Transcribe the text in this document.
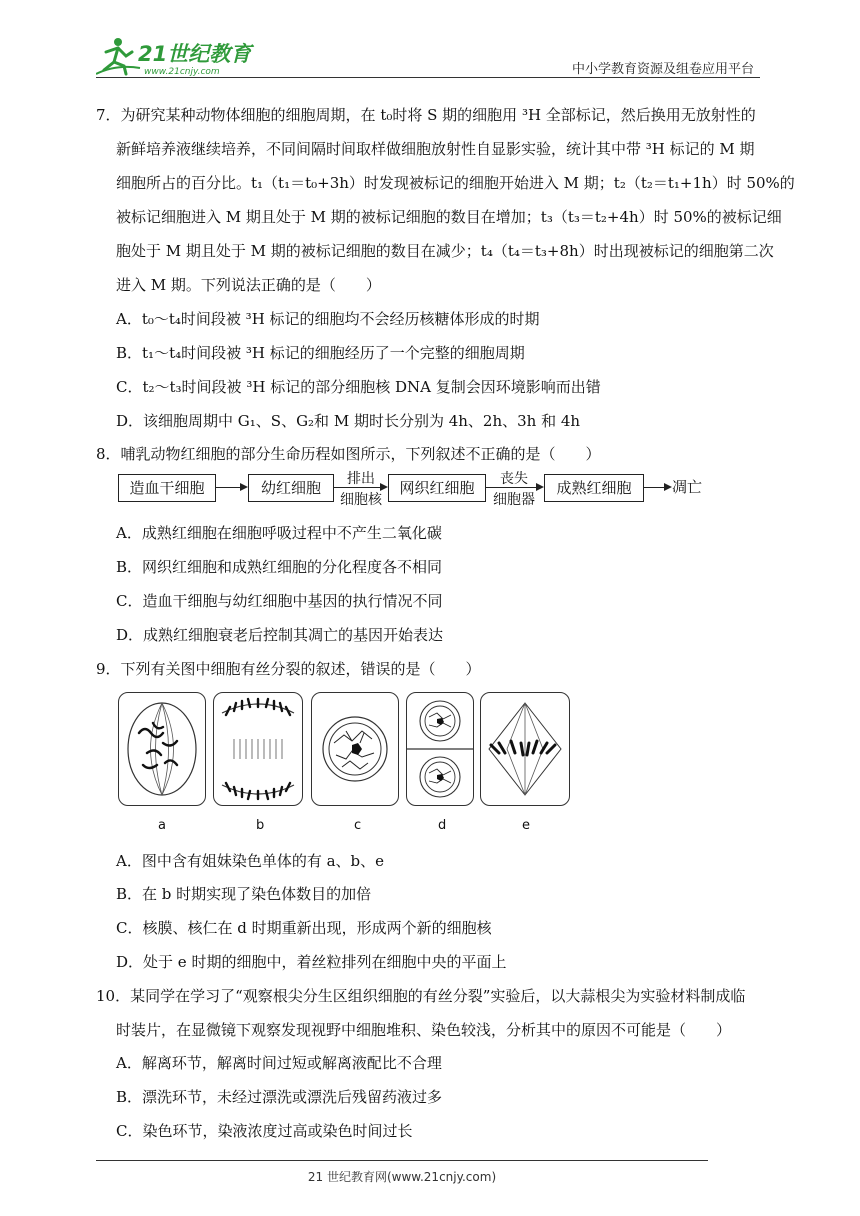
21世纪教育
www.21cnjy.com	中小学教育资源及组卷应用平台
7．为研究某种动物体细胞的细胞周期，在 t₀时将 S 期的细胞用 ³H 全部标记，然后换用无放射性的
新鲜培养液继续培养，不同间隔时间取样做细胞放射性自显影实验，统计其中带 ³H 标记的 M 期
细胞所占的百分比。t₁（t₁＝t₀+3h）时发现被标记的细胞开始进入 M 期；t₂（t₂＝t₁+1h）时 50%的
被标记细胞进入 M 期且处于 M 期的被标记细胞的数目在增加；t₃（t₃＝t₂+4h）时 50%的被标记细
胞处于 M 期且处于 M 期的被标记细胞的数目在减少；t₄（t₄＝t₃+8h）时出现被标记的细胞第二次
进入 M 期。下列说法正确的是（　　）
A．t₀～t₄时间段被 ³H 标记的细胞均不会经历核糖体形成的时期
B．t₁～t₄时间段被 ³H 标记的细胞经历了一个完整的细胞周期
C．t₂～t₃时间段被 ³H 标记的部分细胞核 DNA 复制会因环境影响而出错
D．该细胞周期中 G₁、S、G₂和 M 期时长分别为 4h、2h、3h 和 4h
8．哺乳动物红细胞的部分生命历程如图所示，下列叙述不正确的是（　　）
造血干细胞	幼红细胞	排出
细胞核
网织红细胞	丧失
细胞器
成熟红细胞	凋亡
A．成熟红细胞在细胞呼吸过程中不产生二氧化碳
B．网织红细胞和成熟红细胞的分化程度各不相同
C．造血干细胞与幼红细胞中基因的执行情况不同
D．成熟红细胞衰老后控制其凋亡的基因开始表达
9．下列有关图中细胞有丝分裂的叙述，错误的是（　　）
a	b	c	d	e
A．图中含有姐妹染色单体的有 a、b、e
B．在 b 时期实现了染色体数目的加倍
C．核膜、核仁在 d 时期重新出现，形成两个新的细胞核
D．处于 e 时期的细胞中，着丝粒排列在细胞中央的平面上
10．某同学在学习了“观察根尖分生区组织细胞的有丝分裂”实验后，以大蒜根尖为实验材料制成临
时装片，在显微镜下观察发现视野中细胞堆积、染色较浅，分析其中的原因不可能是（　　）
A．解离环节，解离时间过短或解离液配比不合理
B．漂洗环节，未经过漂洗或漂洗后残留药液过多
C．染色环节，染液浓度过高或染色时间过长
21 世纪教育网(www.21cnjy.com)
